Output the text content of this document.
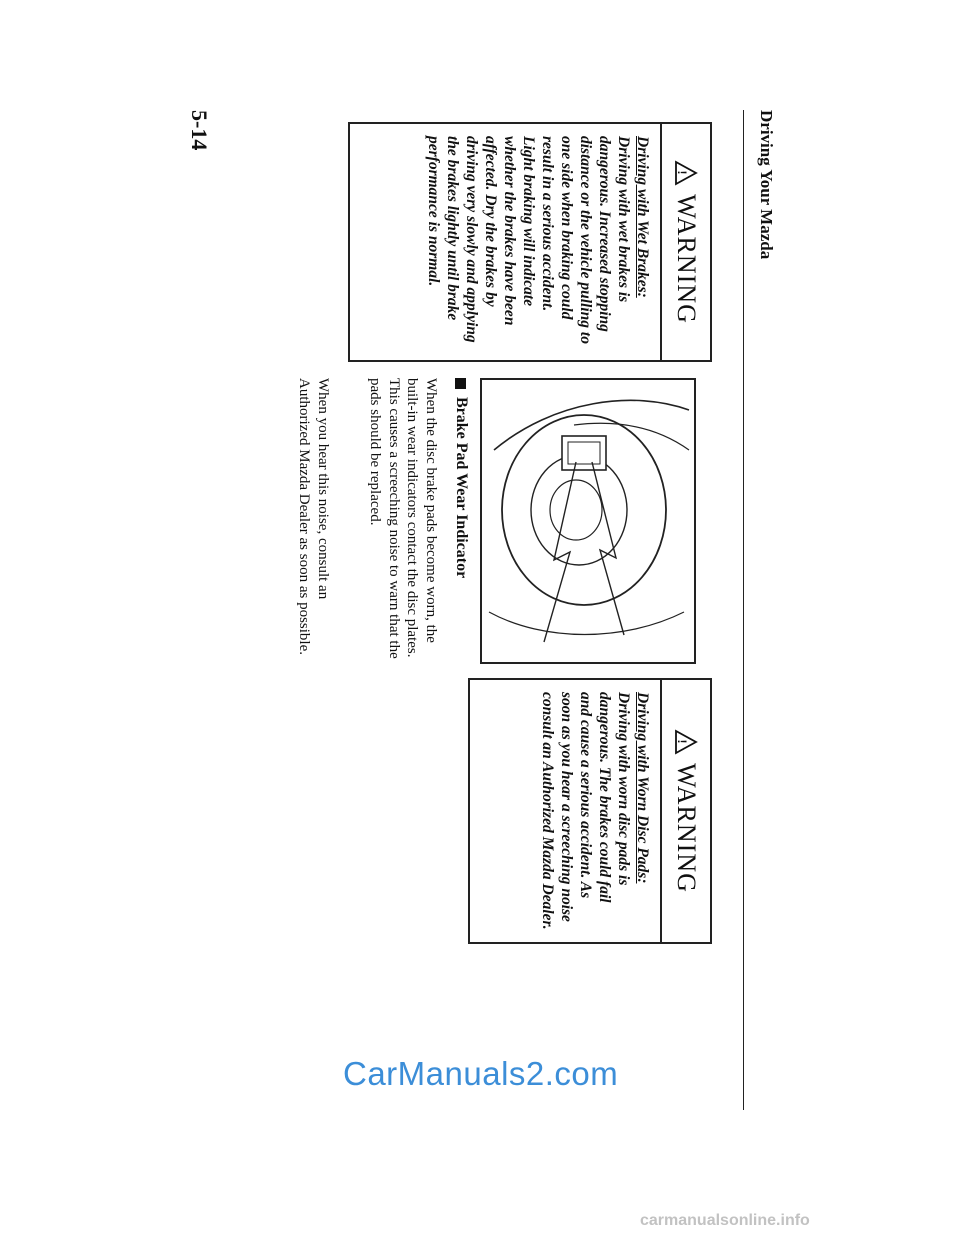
Driving Your Mazda
!
WARNING
Driving with Wet Brakes:
Driving with wet brakes is dangerous. Increased stopping distance or the vehicle pulling to one side when braking could result in a serious accident. Light braking will indicate whether the brakes have been affected. Dry the brakes by driving very slowly and applying the brakes lightly until brake performance is normal.
Brake Pad Wear Indicator
When the disc brake pads become worn, the built-in wear indicators contact the disc plates. This causes a screeching noise to warn that the pads should be replaced.
When you hear this noise, consult an Authorized Mazda Dealer as soon as possible.
!
WARNING
Driving with Worn Disc Pads:
Driving with worn disc pads is dangerous. The brakes could fail and cause a serious accident. As soon as you hear a screeching noise consult an Authorized Mazda Dealer.
5-14
CarManuals2.com
carmanualsonline.info
